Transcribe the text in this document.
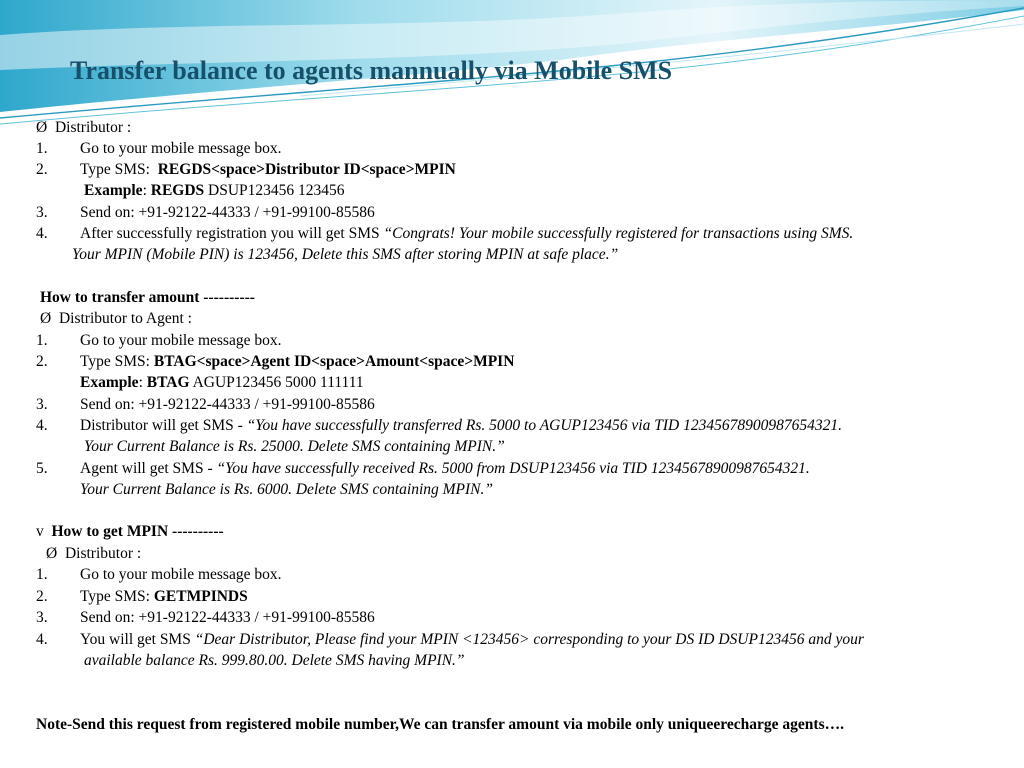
Transfer balance to agents mannually via Mobile SMS
Ø Distributor :
1. Go to your mobile message box.
2. Type SMS: REGDS<space>Distributor ID<space>MPIN
Example: REGDS DSUP123456 123456
3. Send on: +91-92122-44333 / +91-99100-85586
4. After successfully registration you will get SMS “Congrats! Your mobile successfully registered for transactions using SMS.
Your MPIN (Mobile PIN) is 123456, Delete this SMS after storing MPIN at safe place.”
How to transfer amount ----------
Ø Distributor to Agent :
1. Go to your mobile message box.
2. Type SMS: BTAG<space>Agent ID<space>Amount<space>MPIN
Example: BTAG AGUP123456 5000 111111
3. Send on: +91-92122-44333 / +91-99100-85586
4. Distributor will get SMS - “You have successfully transferred Rs. 5000 to AGUP123456 via TID 12345678900987654321.
Your Current Balance is Rs. 25000. Delete SMS containing MPIN.”
5. Agent will get SMS - “You have successfully received Rs. 5000 from DSUP123456 via TID 12345678900987654321.
Your Current Balance is Rs. 6000. Delete SMS containing MPIN.”
v How to get MPIN ----------
Ø Distributor :
1. Go to your mobile message box.
2. Type SMS: GETMPINDS
3. Send on: +91-92122-44333 / +91-99100-85586
4. You will get SMS “Dear Distributor, Please find your MPIN <123456> corresponding to your DS ID DSUP123456 and your
available balance Rs. 999.80.00. Delete SMS having MPIN.”
Note-Send this request from registered mobile number,We can transfer amount via mobile only uniqueerecharge agents….
